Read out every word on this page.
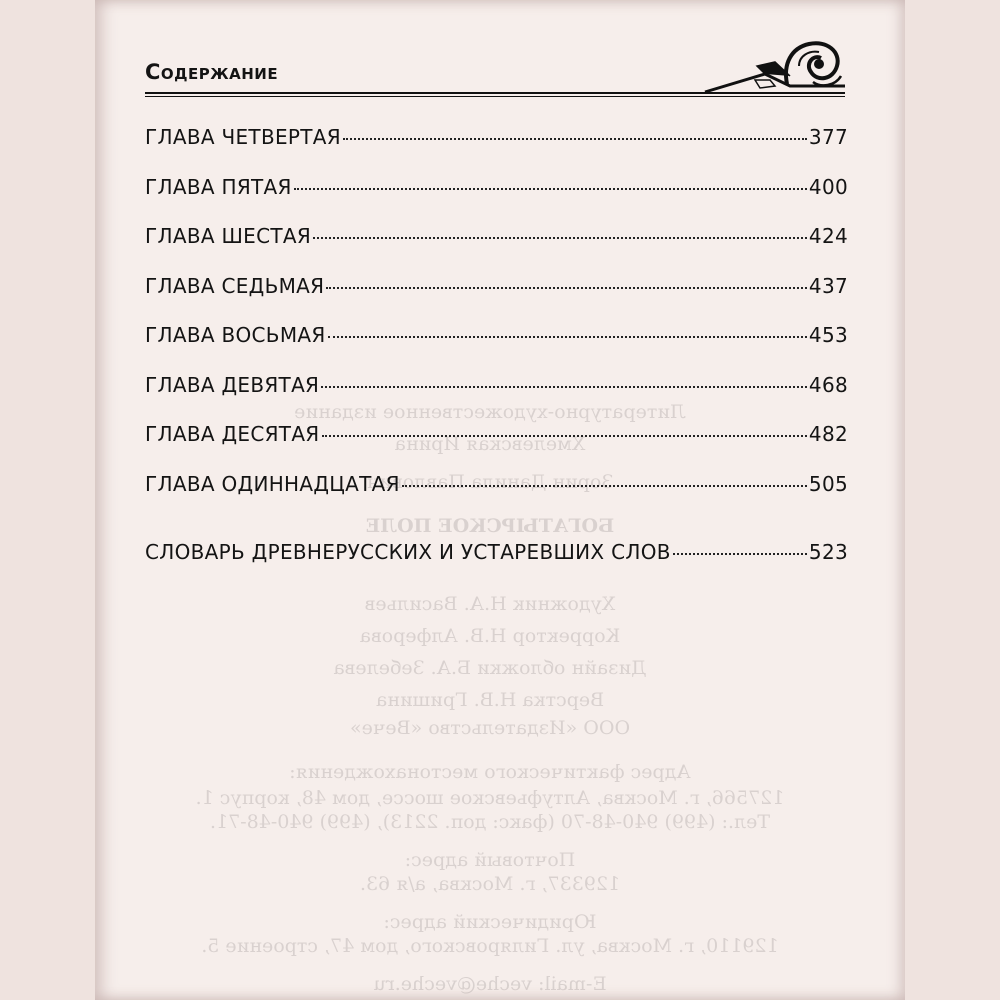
Литературно-художественное издание
Хмелевская Ирина
Зорин Данила Павлович
БОГАТЫРСКОЕ ПОЛЕ
Художник Н.А. Васильев
Корректор Н.В. Алферова
Дизайн обложки Б.А. Зебелева
Верстка Н.В. Гришина
ООО «Издательство «Вече»
Адрес фактического местонахождения:
127566, г. Москва, Алтуфьевское шоссе, дом 48, корпус 1.
Тел.: (499) 940-48-70 (факс: доп. 2213), (499) 940-48-71.
Почтовый адрес:
129337, г. Москва, а/я 63.
Юридический адрес:
129110, г. Москва, ул. Гиляровского, дом 47, строение 5.
E-mail: veche@veche.ru
Содержание
ГЛАВА ЧЕТВЕРТАЯ	377
ГЛАВА ПЯТАЯ	400
ГЛАВА ШЕСТАЯ	424
ГЛАВА СЕДЬМАЯ	437
ГЛАВА ВОСЬМАЯ	453
ГЛАВА ДЕВЯТАЯ	468
ГЛАВА ДЕСЯТАЯ	482
ГЛАВА ОДИННАДЦАТАЯ	505
СЛОВАРЬ ДРЕВНЕРУССКИХ И УСТАРЕВШИХ СЛОВ	523
